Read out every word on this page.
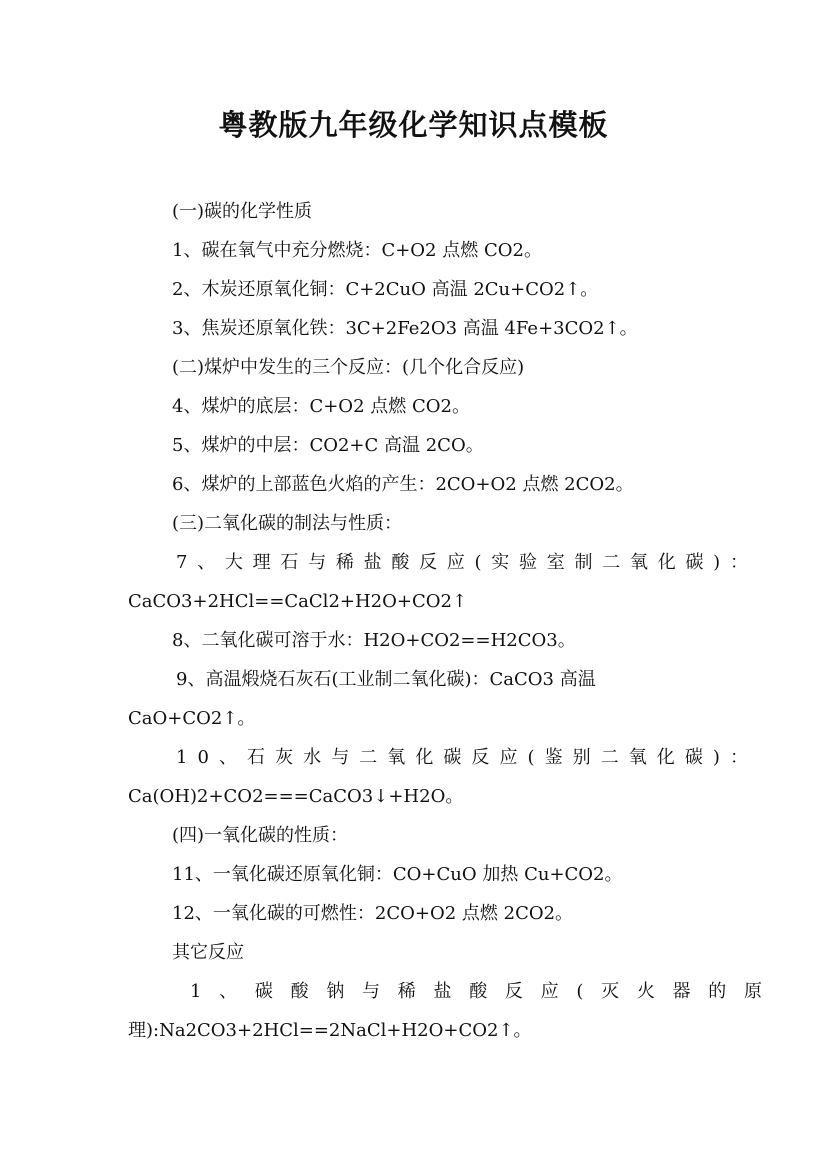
粤教版九年级化学知识点模板
(一)碳的化学性质
1、碳在氧气中充分燃烧：C+O2 点燃 CO2。
2、木炭还原氧化铜：C+2CuO 高温 2Cu+CO2↑。
3、焦炭还原氧化铁：3C+2Fe2O3 高温 4Fe+3CO2↑。
(二)煤炉中发生的三个反应：(几个化合反应)
4、煤炉的底层：C+O2 点燃 CO2。
5、煤炉的中层：CO2+C 高温 2CO。
6、煤炉的上部蓝色火焰的产生：2CO+O2 点燃 2CO2。
(三)二氧化碳的制法与性质：
7 、 大 理 石 与 稀 盐 酸 反 应 ( 实 验 室 制 二 氧 化 碳 ) ：
CaCO3+2HCl==CaCl2+H2O+CO2↑
8、二氧化碳可溶于水：H2O+CO2==H2CO3。
9、高温煅烧石灰石(工业制二氧化碳)：CaCO3 高温
CaO+CO2↑。
1 0 、 石 灰 水 与 二 氧 化 碳 反 应 ( 鉴 别 二 氧 化 碳 ) ：
Ca(OH)2+CO2===CaCO3↓+H2O。
(四)一氧化碳的性质：
11、一氧化碳还原氧化铜：CO+CuO 加热 Cu+CO2。
12、一氧化碳的可燃性：2CO+O2 点燃 2CO2。
其它反应
1 、 碳 酸 钠 与 稀 盐 酸 反 应 ( 灭 火 器 的 原
理):Na2CO3+2HCl==2NaCl+H2O+CO2↑。
